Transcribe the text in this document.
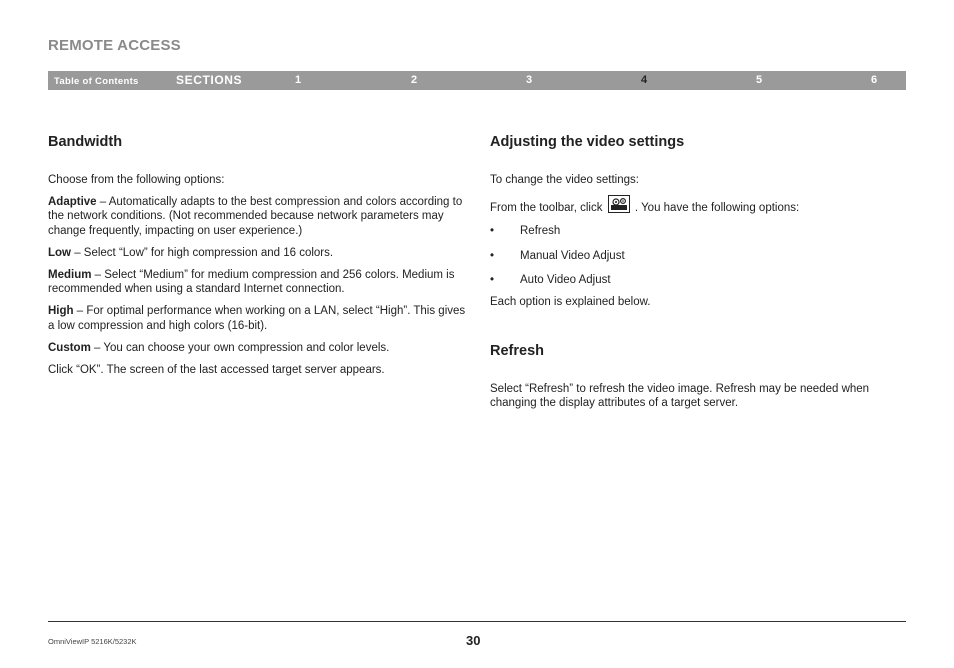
REMOTE ACCESS
Table of Contents	SECTIONS	1	2	3	4	5	6
Bandwidth

Choose from the following options:

Adaptive – Automatically adapts to the best compression and colors according to the network conditions. (Not recommended because network parameters may change frequently, impacting on user experience.)

Low – Select “Low” for high compression and 16 colors.

Medium – Select “Medium” for medium compression and 256 colors. Medium is recommended when using a standard Internet connection.

High – For optimal performance when working on a LAN, select “High”. This gives a low compression and high colors (16-bit).

Custom – You can choose your own compression and color levels.

Click “OK”. The screen of the last accessed target server appears.

Adjusting the video settings

To change the video settings:

From the toolbar, click
. You have the following options:

• Refresh
• Manual Video Adjust
• Auto Video Adjust

Each option is explained below.

Refresh

Select “Refresh” to refresh the video image. Refresh may be needed when changing the display attributes of a target server.

OmniViewIP 5216K/5232K	30
